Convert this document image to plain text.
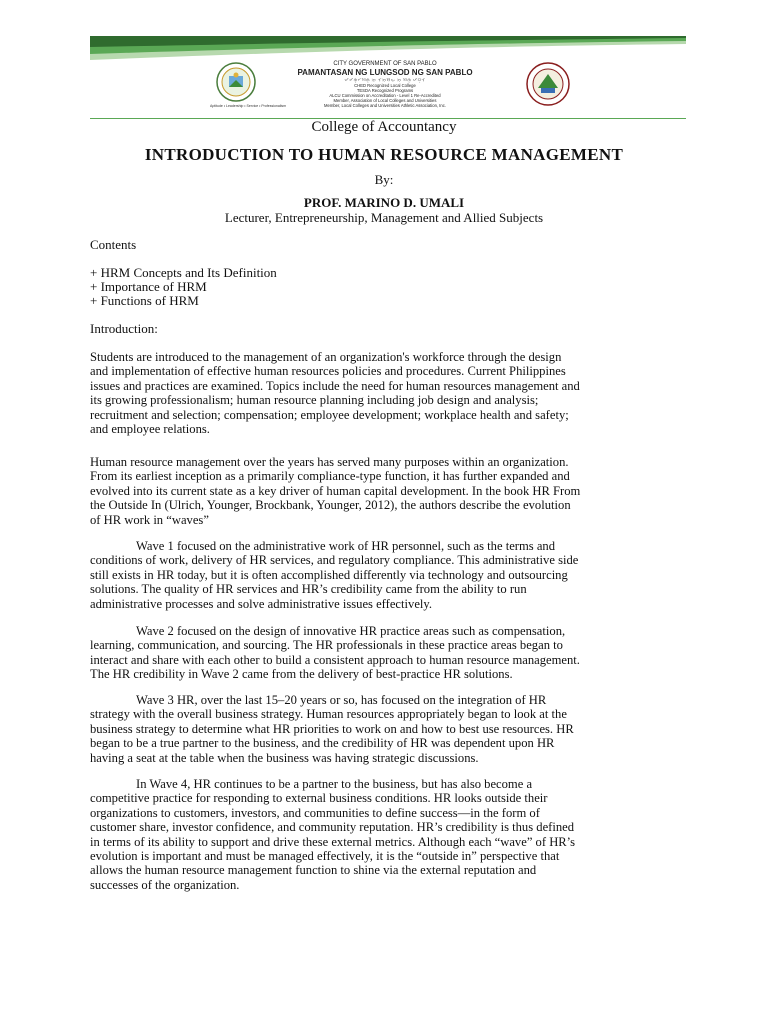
Aptitude • Leadership • Service • Professionalism
CITY GOVERNMENT OF SAN PABLO
PAMANTASAN NG LUNGSOD NG SAN PABLO
ᜉᜋᜈ᜔ᜆᜐᜈ᜔ ᜅ᜔ ᜎᜓᜅ᜔ᜐᜓᜇ᜔ ᜅ᜔ ᜐᜈ᜔ ᜉᜊ᜔ᜎᜓ
CHED Recognized Local College
TESDA Recognized Programs
ALCU Commission on Accreditation - Level 1 Re-Accredited
Member, Association of Local Colleges and Universities
Member, Local Colleges and Universities Athletic Association, Inc.
College of Accountancy
INTRODUCTION TO HUMAN RESOURCE MANAGEMENT
By:
PROF. MARINO D. UMALI
Lecturer, Entrepreneurship, Management and Allied Subjects
Contents
+ HRM Concepts and Its Definition
+ Importance of HRM
+ Functions of HRM
Introduction:
Students are introduced to the management of an organization's workforce through the design
and implementation of effective human resources policies and procedures. Current Philippines
issues and practices are examined. Topics include the need for human resources management and
its growing professionalism; human resource planning including job design and analysis;
recruitment and selection; compensation; employee development; workplace health and safety;
and employee relations.
Human resource management over the years has served many purposes within an organization.
From its earliest inception as a primarily compliance-type function, it has further expanded and
evolved into its current state as a key driver of human capital development. In the book HR From
the Outside In (Ulrich, Younger, Brockbank, Younger, 2012), the authors describe the evolution
of HR work in “waves”
Wave 1 focused on the administrative work of HR personnel, such as the terms and
conditions of work, delivery of HR services, and regulatory compliance. This administrative side
still exists in HR today, but it is often accomplished differently via technology and outsourcing
solutions. The quality of HR services and HR’s credibility came from the ability to run
administrative processes and solve administrative issues effectively.
Wave 2 focused on the design of innovative HR practice areas such as compensation,
learning, communication, and sourcing. The HR professionals in these practice areas began to
interact and share with each other to build a consistent approach to human resource management.
The HR credibility in Wave 2 came from the delivery of best-practice HR solutions.
Wave 3 HR, over the last 15–20 years or so, has focused on the integration of HR
strategy with the overall business strategy. Human resources appropriately began to look at the
business strategy to determine what HR priorities to work on and how to best use resources. HR
began to be a true partner to the business, and the credibility of HR was dependent upon HR
having a seat at the table when the business was having strategic discussions.
In Wave 4, HR continues to be a partner to the business, but has also become a
competitive practice for responding to external business conditions. HR looks outside their
organizations to customers, investors, and communities to define success—in the form of
customer share, investor confidence, and community reputation. HR’s credibility is thus defined
in terms of its ability to support and drive these external metrics. Although each “wave” of HR’s
evolution is important and must be managed effectively, it is the “outside in” perspective that
allows the human resource management function to shine via the external reputation and
successes of the organization.
